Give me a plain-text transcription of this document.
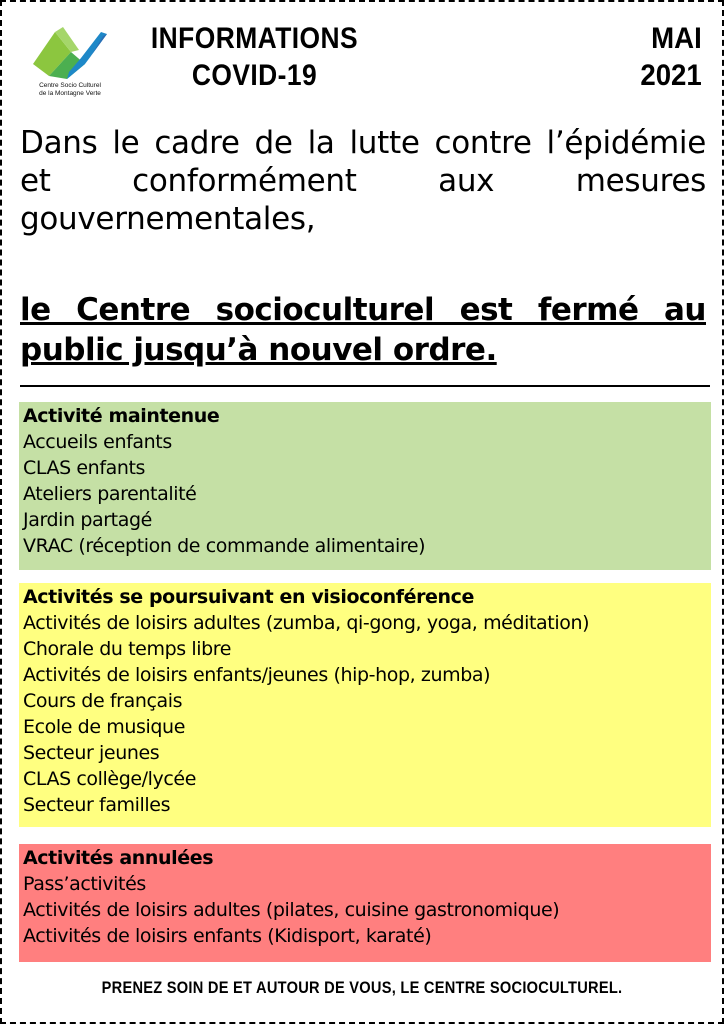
Centre Socio Culturel
de la Montagne Verte
INFORMATIONS
COVID-19
MAI
2021
Dans le cadre de la lutte contre l’épidémie et conformément aux mesures gouvernementales,
le Centre socioculturel est fermé au public jusqu’à nouvel ordre.
Activité maintenue
Accueils enfants
CLAS enfants
Ateliers parentalité
Jardin partagé
VRAC (réception de commande alimentaire)
Activités se poursuivant en visioconférence
Activités de loisirs adultes (zumba, qi-gong, yoga, méditation)
Chorale du temps libre
Activités de loisirs enfants/jeunes (hip-hop, zumba)
Cours de français
Ecole de musique
Secteur jeunes
CLAS collège/lycée
Secteur familles
Activités annulées
Pass’activités
Activités de loisirs adultes (pilates, cuisine gastronomique)
Activités de loisirs enfants (Kidisport, karaté)
PRENEZ SOIN DE ET AUTOUR DE VOUS, LE CENTRE SOCIOCULTUREL.
